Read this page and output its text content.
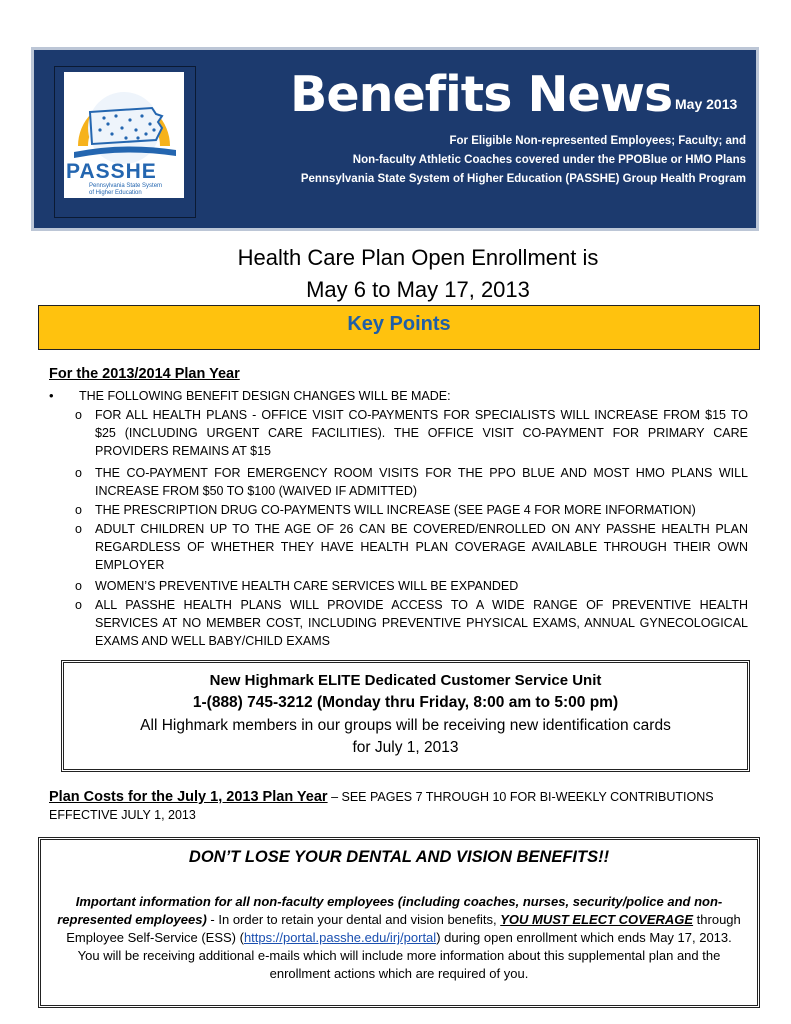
PASSHE
Pennsylvania State System
of Higher Education
Benefits News May 2013
For Eligible Non-represented Employees; Faculty; and
Non-faculty Athletic Coaches covered under the PPOBlue or HMO Plans
Pennsylvania State System of Higher Education (PASSHE) Group Health Program
Health Care Plan Open Enrollment is
May 6 to May 17, 2013
Key Points
For the 2013/2014 Plan Year
• THE FOLLOWING BENEFIT DESIGN CHANGES WILL BE MADE:
o FOR ALL HEALTH PLANS - OFFICE VISIT CO-PAYMENTS FOR SPECIALISTS WILL INCREASE FROM $15 TO $25 (INCLUDING URGENT CARE FACILITIES). THE OFFICE VISIT CO-PAYMENT FOR PRIMARY CARE PROVIDERS REMAINS AT $15
o THE CO-PAYMENT FOR EMERGENCY ROOM VISITS FOR THE PPO BLUE AND MOST HMO PLANS WILL INCREASE FROM $50 TO $100 (WAIVED IF ADMITTED)
o THE PRESCRIPTION DRUG CO-PAYMENTS WILL INCREASE (SEE PAGE 4 FOR MORE INFORMATION)
o ADULT CHILDREN UP TO THE AGE OF 26 CAN BE COVERED/ENROLLED ON ANY PASSHE HEALTH PLAN REGARDLESS OF WHETHER THEY HAVE HEALTH PLAN COVERAGE AVAILABLE THROUGH THEIR OWN EMPLOYER
o WOMEN’S PREVENTIVE HEALTH CARE SERVICES WILL BE EXPANDED
o ALL PASSHE HEALTH PLANS WILL PROVIDE ACCESS TO A WIDE RANGE OF PREVENTIVE HEALTH SERVICES AT NO MEMBER COST, INCLUDING PREVENTIVE PHYSICAL EXAMS, ANNUAL GYNECOLOGICAL EXAMS AND WELL BABY/CHILD EXAMS
New Highmark ELITE Dedicated Customer Service Unit
1-(888) 745-3212 (Monday thru Friday, 8:00 am to 5:00 pm)
All Highmark members in our groups will be receiving new identification cards
for July 1, 2013
Plan Costs for the July 1, 2013 Plan Year – SEE PAGES 7 THROUGH 10 FOR BI-WEEKLY CONTRIBUTIONS EFFECTIVE JULY 1, 2013
DON’T LOSE YOUR DENTAL AND VISION BENEFITS!!
Important information for all non-faculty employees (including coaches, nurses, security/police and non-represented employees) - In order to retain your dental and vision benefits, YOU MUST ELECT COVERAGE through Employee Self-Service (ESS) (https://portal.passhe.edu/irj/portal) during open enrollment which ends May 17, 2013. You will be receiving additional e-mails which will include more information about this supplemental plan and the enrollment actions which are required of you.
